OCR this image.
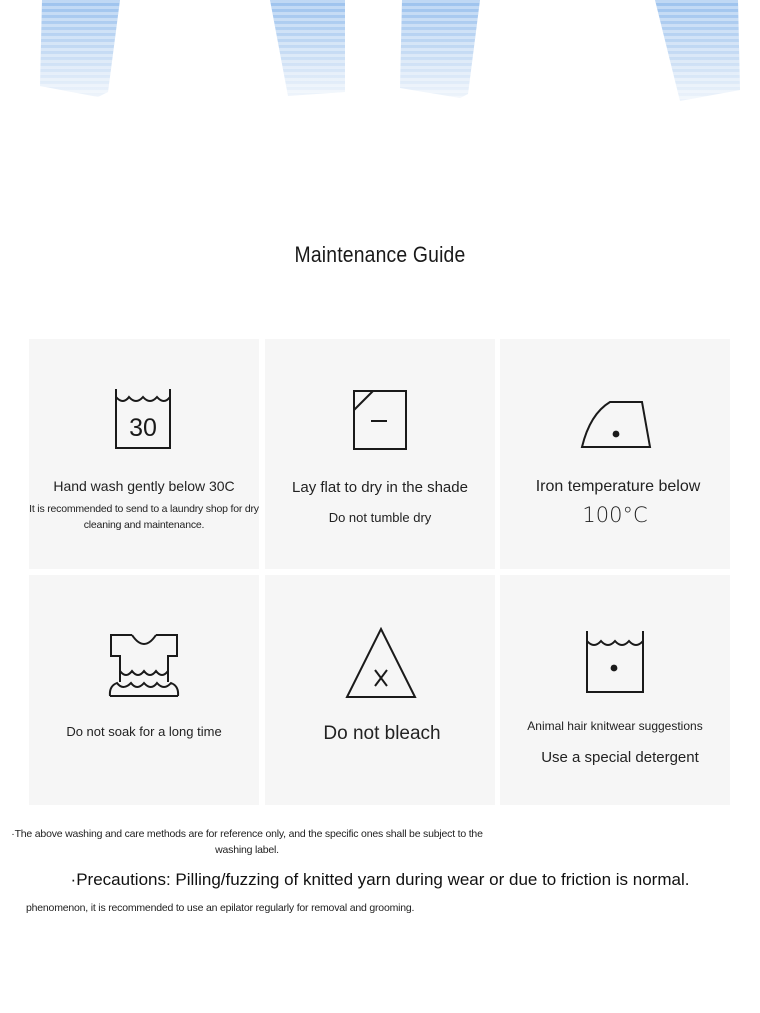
Maintenance Guide
30
Hand wash gently below 30C
It is recommended to send to a laundry shop for dry cleaning and maintenance.
Lay flat to dry in the shade
Do not tumble dry
Iron temperature below
100°C
Do not soak for a long time	Do not bleach	Animal hair knitwear suggestions
Use a special detergent
·The above washing and care methods are for reference only, and the specific ones shall be subject to the washing label.
·Precautions: Pilling/fuzzing of knitted yarn during wear or due to friction is normal.
phenomenon, it is recommended to use an epilator regularly for removal and grooming.
